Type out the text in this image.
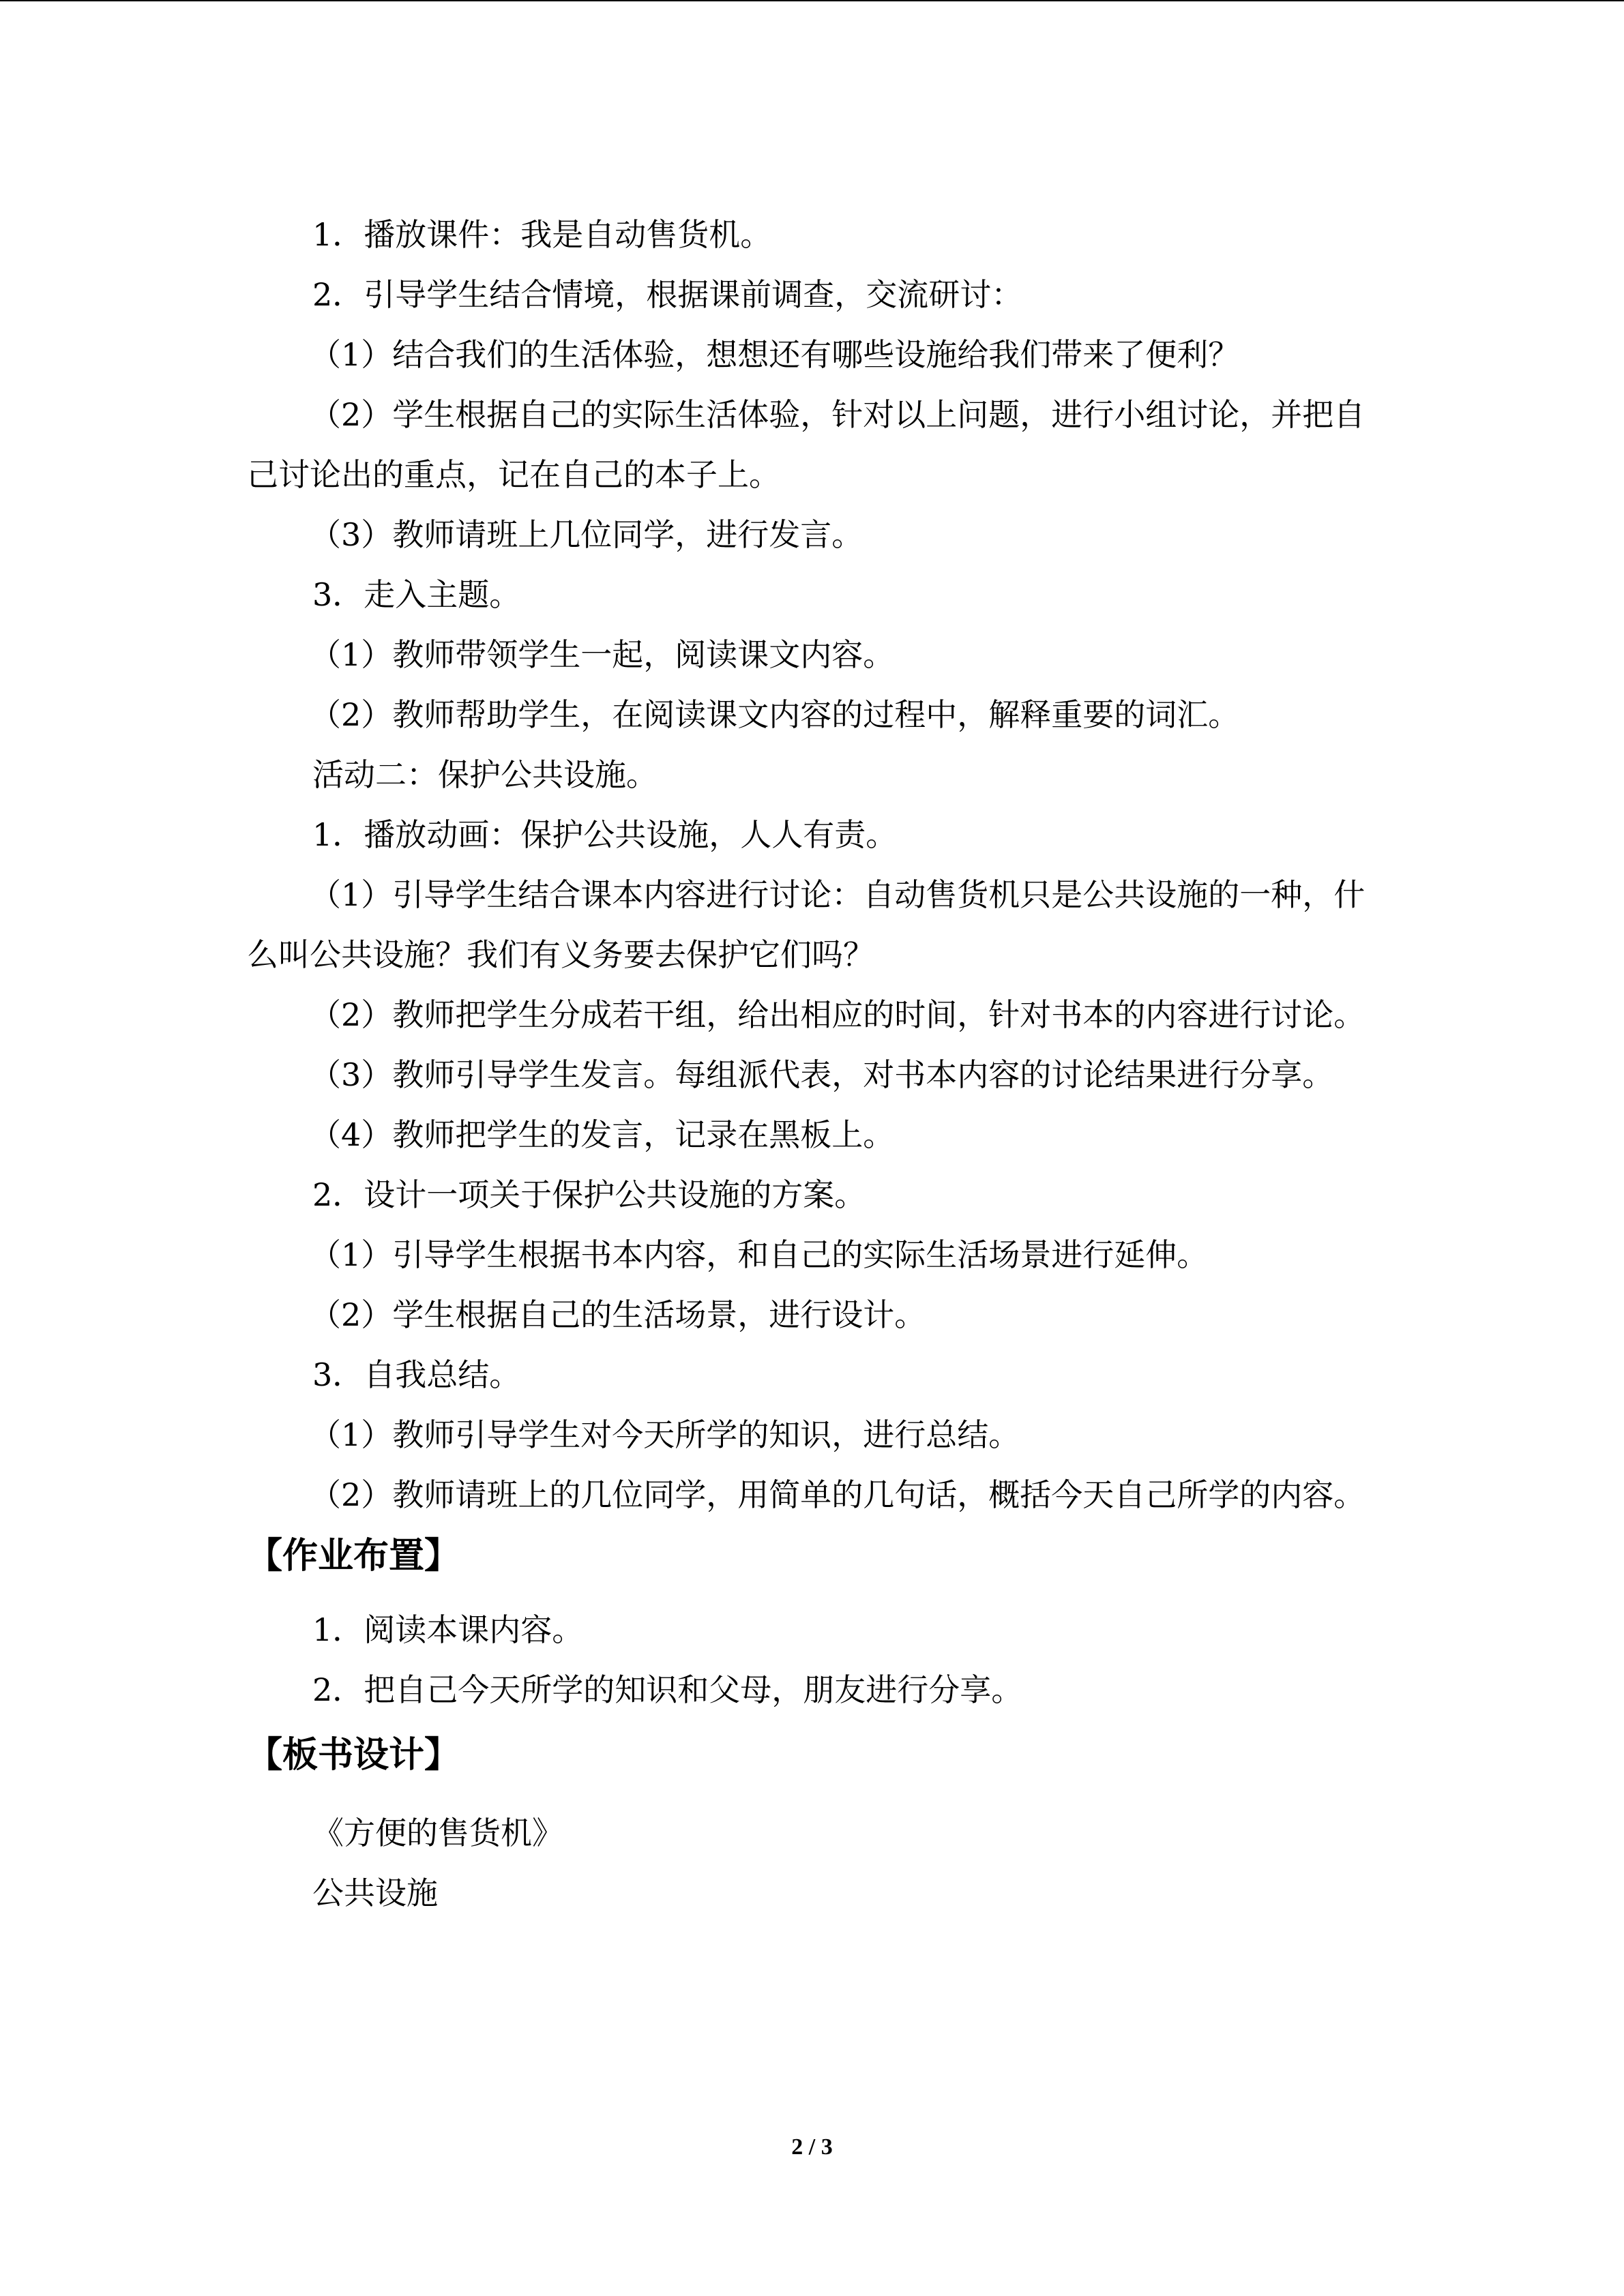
1．播放课件：我是自动售货机。

2．引导学生结合情境，根据课前调查，交流研讨：

（1）结合我们的生活体验，想想还有哪些设施给我们带来了便利？

（2）学生根据自己的实际生活体验，针对以上问题，进行小组讨论，并把自己讨论出的重点，记在自己的本子上。

（3）教师请班上几位同学，进行发言。

3．走入主题。

（1）教师带领学生一起，阅读课文内容。

（2）教师帮助学生，在阅读课文内容的过程中，解释重要的词汇。

活动二：保护公共设施。

1．播放动画：保护公共设施，人人有责。

（1）引导学生结合课本内容进行讨论：自动售货机只是公共设施的一种，什么叫公共设施？我们有义务要去保护它们吗？

（2）教师把学生分成若干组，给出相应的时间，针对书本的内容进行讨论。

（3）教师引导学生发言。每组派代表，对书本内容的讨论结果进行分享。

（4）教师把学生的发言，记录在黑板上。

2．设计一项关于保护公共设施的方案。

（1）引导学生根据书本内容，和自己的实际生活场景进行延伸。

（2）学生根据自己的生活场景，进行设计。

3．自我总结。

（1）教师引导学生对今天所学的知识，进行总结。

（2）教师请班上的几位同学，用简单的几句话，概括今天自己所学的内容。

【作业布置】

1．阅读本课内容。

2．把自己今天所学的知识和父母，朋友进行分享。

【板书设计】

《方便的售货机》

公共设施

2 / 3
